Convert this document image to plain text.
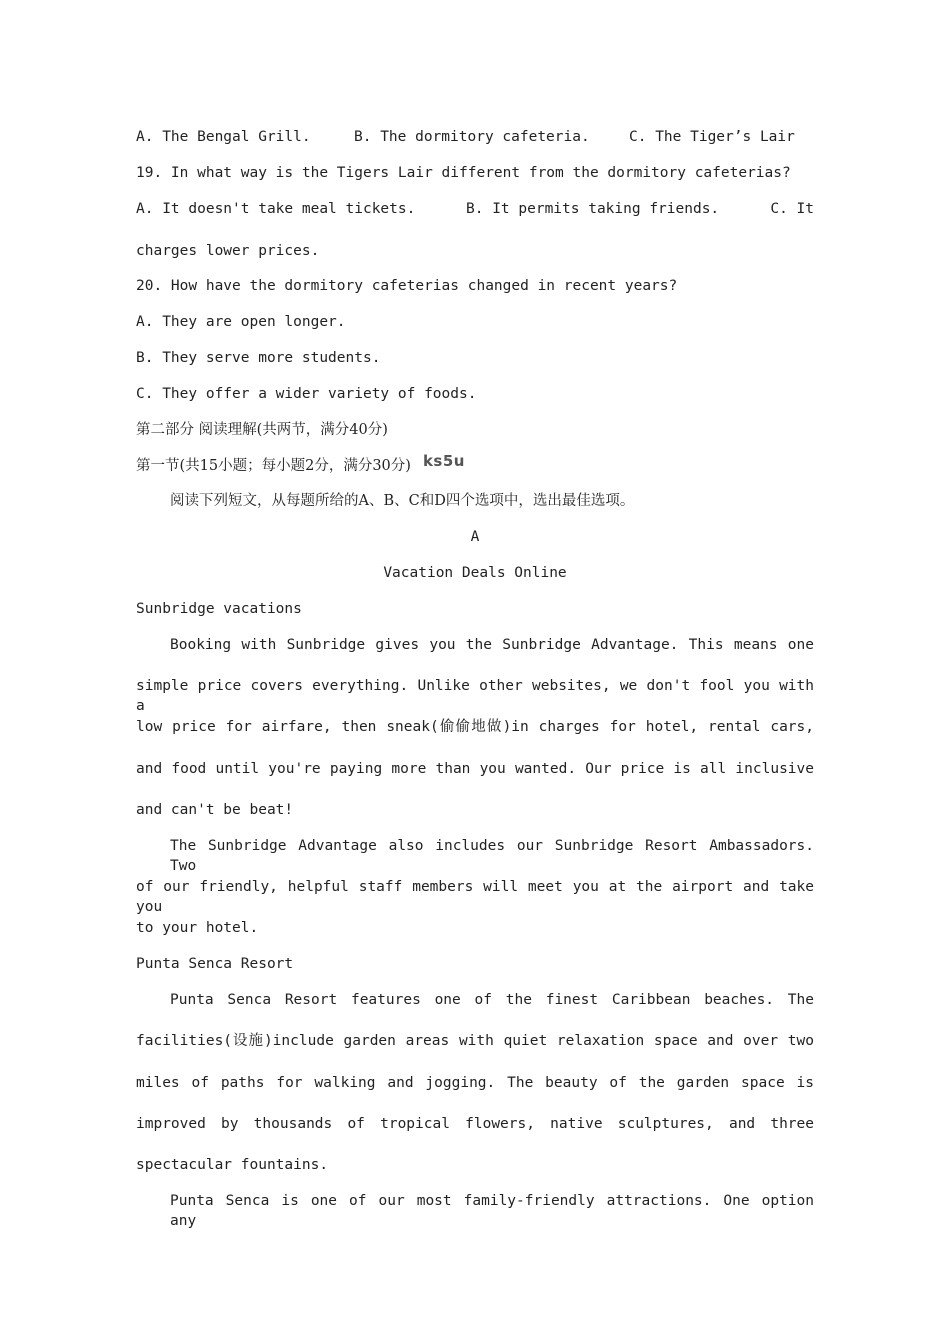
A. The Bengal Grill.	B. The dormitory cafeteria.	C. The Tiger’s Lair
19. In what way is the Tigers Lair different from the dormitory cafeterias?
A. It doesn't take meal tickets.	B. It permits taking friends.	C. It
charges lower prices.
20. How have the dormitory cafeterias changed in recent years?
A. They are open longer.
B. They serve more students.
C. They offer a wider variety of foods.
第二部分 阅读理解(共两节，满分40分)
第一节(共15小题；每小题2分，满分30分) ks5u
阅读下列短文，从每题所给的A、B、C和D四个选项中，选出最佳选项。
A
Vacation Deals Online
Sunbridge vacations
Booking with Sunbridge gives you the Sunbridge Advantage. This means one
simple price covers everything. Unlike other websites, we don't fool you with a
low price for airfare, then sneak(偷偷地做)in charges for hotel, rental cars,
and food until you're paying more than you wanted. Our price is all inclusive
and can't be beat!
The Sunbridge Advantage also includes our Sunbridge Resort Ambassadors. Two
of our friendly, helpful staff members will meet you at the airport and take you
to your hotel.
Punta Senca Resort
Punta Senca Resort features one of the finest Caribbean beaches. The
facilities(设施)include garden areas with quiet relaxation space and over two
miles of paths for walking and jogging. The beauty of the garden space is
improved by thousands of tropical flowers, native sculptures, and three
spectacular fountains.
Punta Senca is one of our most family-friendly attractions. One option any
